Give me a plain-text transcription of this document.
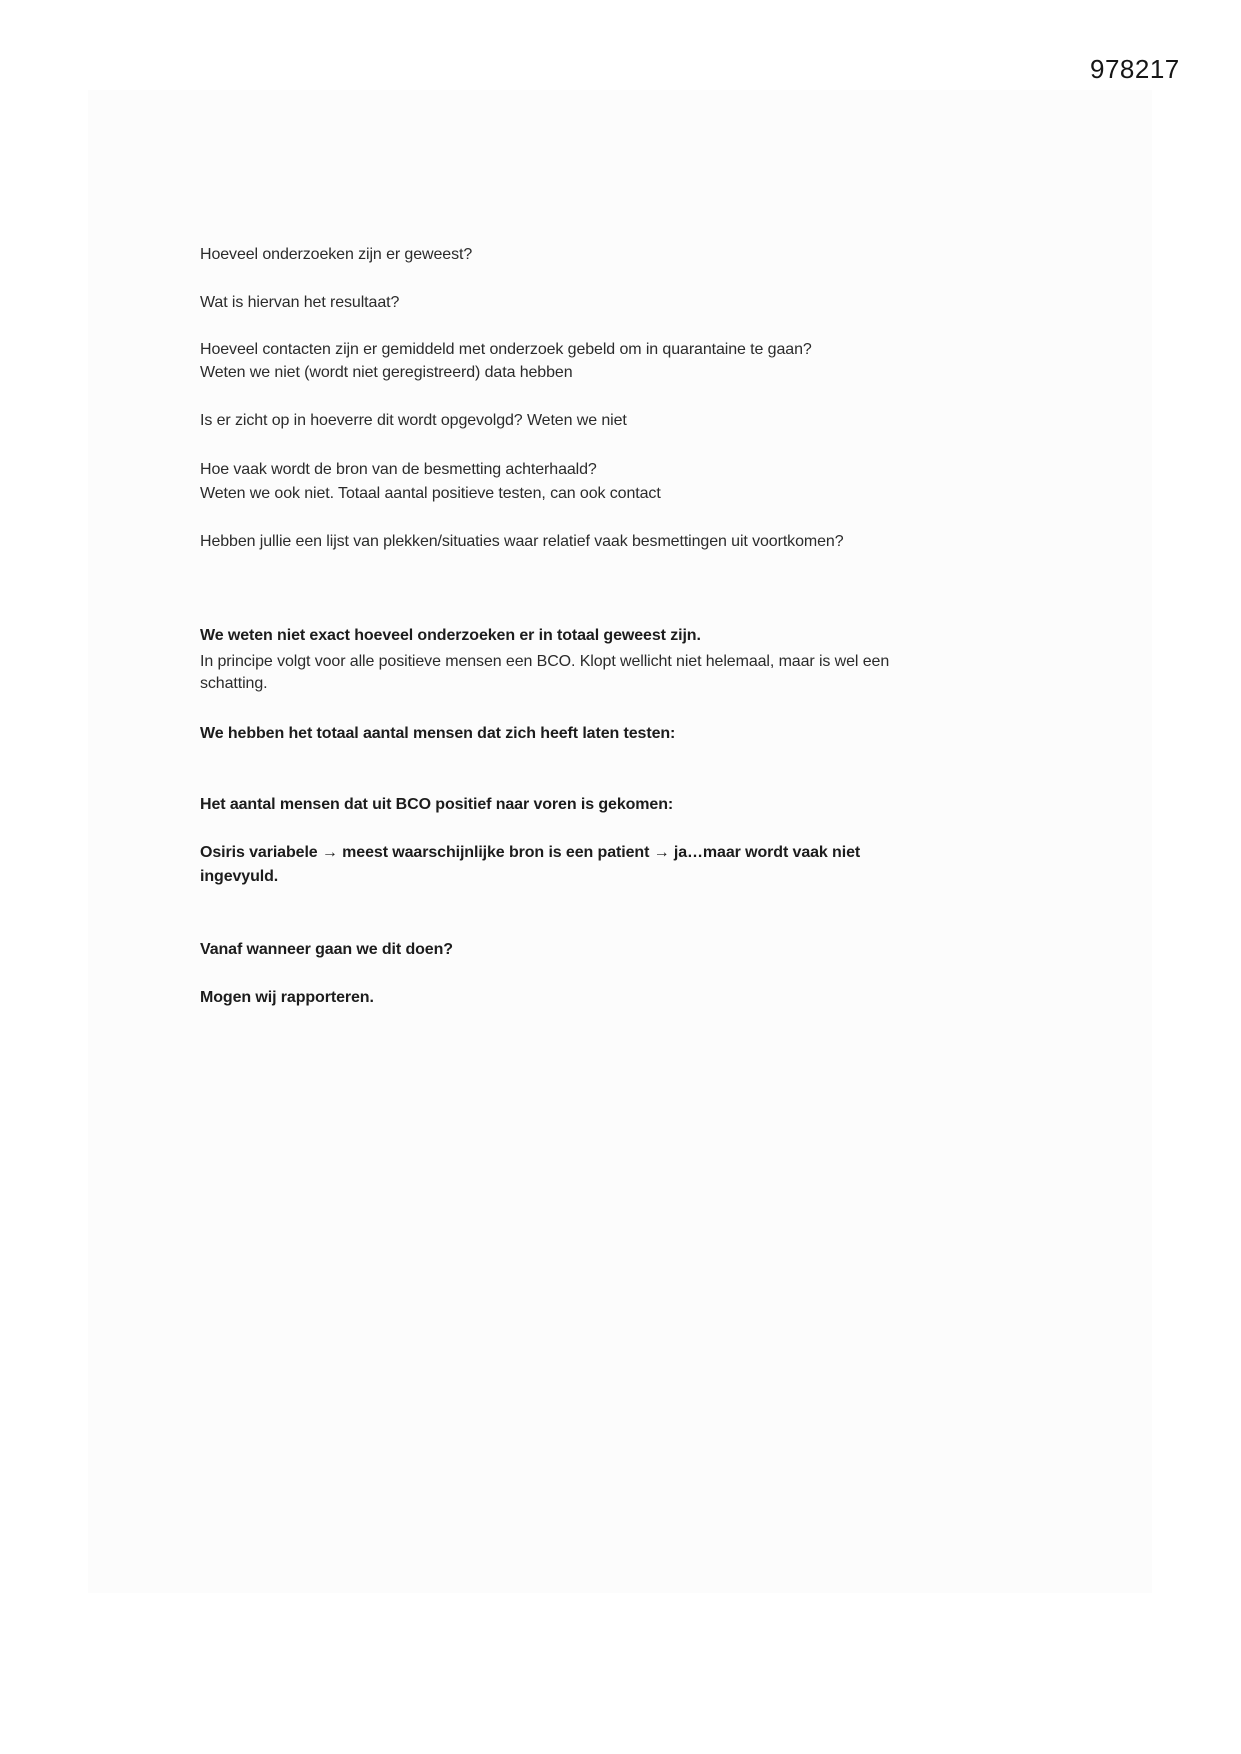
978217
Hoeveel onderzoeken zijn er geweest?
Wat is hiervan het resultaat?
Hoeveel contacten zijn er gemiddeld met onderzoek gebeld om in quarantaine te gaan?
Weten we niet (wordt niet geregistreerd) data hebben
Is er zicht op in hoeverre dit wordt opgevolgd? Weten we niet
Hoe vaak wordt de bron van de besmetting achterhaald?
Weten we ook niet. Totaal aantal positieve testen, can ook contact
Hebben jullie een lijst van plekken/situaties waar relatief vaak besmettingen uit voortkomen?
We weten niet exact hoeveel onderzoeken er in totaal geweest zijn.
In principe volgt voor alle positieve mensen een BCO. Klopt wellicht niet helemaal, maar is wel een
schatting.
We hebben het totaal aantal mensen dat zich heeft laten testen:
Het aantal mensen dat uit BCO positief naar voren is gekomen:
Osiris variabele → meest waarschijnlijke bron is een patient → ja…maar wordt vaak niet
ingevyuld.
Vanaf wanneer gaan we dit doen?
Mogen wij rapporteren.
